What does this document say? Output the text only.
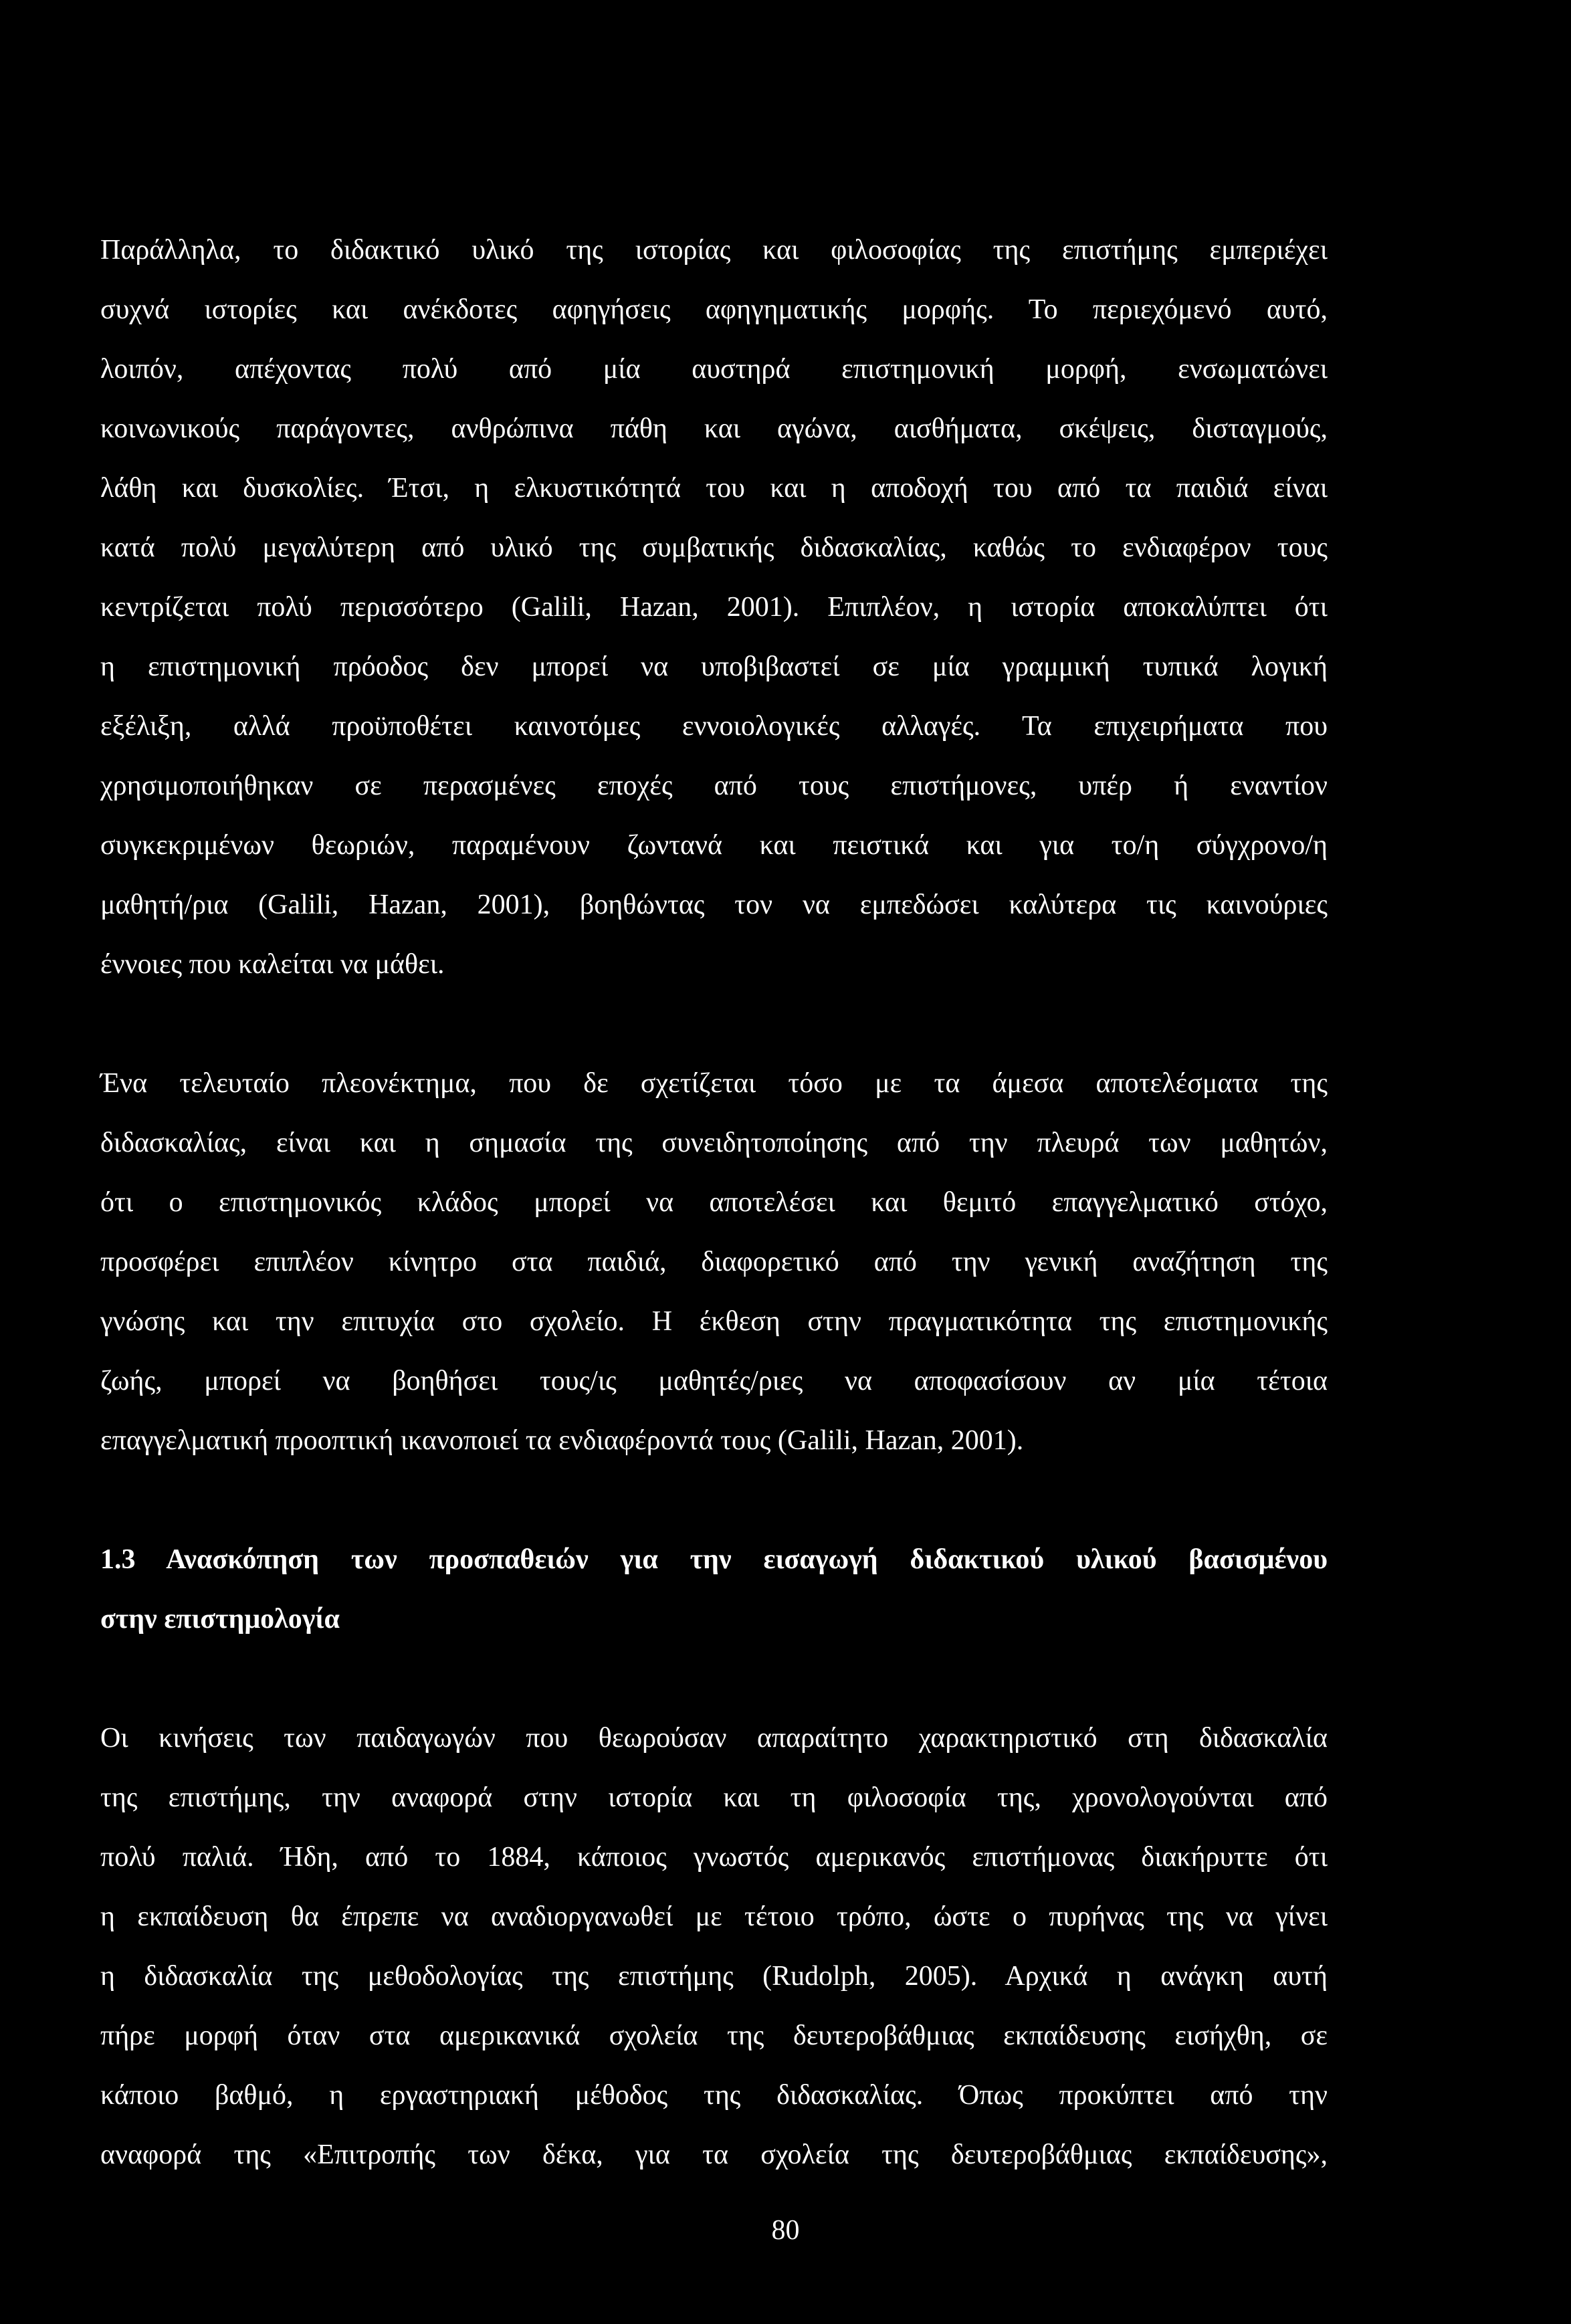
Παράλληλα, το διδακτικό υλικό της ιστορίας και φιλοσοφίας της επιστήμης εμπεριέχει
συχνά ιστορίες και ανέκδοτες αφηγήσεις αφηγηματικής μορφής. Το περιεχόμενό αυτό,
λοιπόν, απέχοντας πολύ από μία αυστηρά επιστημονική μορφή, ενσωματώνει
κοινωνικούς παράγοντες, ανθρώπινα πάθη και αγώνα, αισθήματα, σκέψεις, δισταγμούς,
λάθη και δυσκολίες. Έτσι, η ελκυστικότητά του και η αποδοχή του από τα παιδιά είναι
κατά πολύ μεγαλύτερη από υλικό της συμβατικής διδασκαλίας, καθώς το ενδιαφέρον τους
κεντρίζεται πολύ περισσότερο (Galili, Hazan, 2001). Επιπλέον, η ιστορία αποκαλύπτει ότι
η επιστημονική πρόοδος δεν μπορεί να υποβιβαστεί σε μία γραμμική τυπικά λογική
εξέλιξη, αλλά προϋποθέτει καινοτόμες εννοιολογικές αλλαγές. Τα επιχειρήματα που
χρησιμοποιήθηκαν σε περασμένες εποχές από τους επιστήμονες, υπέρ ή εναντίον
συγκεκριμένων θεωριών, παραμένουν ζωντανά και πειστικά και για το/η σύγχρονο/η
μαθητή/ρια (Galili, Hazan, 2001), βοηθώντας τον να εμπεδώσει καλύτερα τις καινούριες
έννοιες που καλείται να μάθει.
Ένα τελευταίο πλεονέκτημα, που δε σχετίζεται τόσο με τα άμεσα αποτελέσματα της
διδασκαλίας, είναι και η σημασία της συνειδητοποίησης από την πλευρά των μαθητών,
ότι ο επιστημονικός κλάδος μπορεί να αποτελέσει και θεμιτό επαγγελματικό στόχο,
προσφέρει επιπλέον κίνητρο στα παιδιά, διαφορετικό από την γενική αναζήτηση της
γνώσης και την επιτυχία στο σχολείο. Η έκθεση στην πραγματικότητα της επιστημονικής
ζωής, μπορεί να βοηθήσει τους/ις μαθητές/ριες να αποφασίσουν αν μία τέτοια
επαγγελματική προοπτική ικανοποιεί τα ενδιαφέροντά τους (Galili, Hazan, 2001).
1.3 Ανασκόπηση των προσπαθειών για την εισαγωγή διδακτικού υλικού βασισμένου
στην επιστημολογία
Οι κινήσεις των παιδαγωγών που θεωρούσαν απαραίτητο χαρακτηριστικό στη διδασκαλία
της επιστήμης, την αναφορά στην ιστορία και τη φιλοσοφία της, χρονολογούνται από
πολύ παλιά. Ήδη, από το 1884, κάποιος γνωστός αμερικανός επιστήμονας διακήρυττε ότι
η εκπαίδευση θα έπρεπε να αναδιοργανωθεί με τέτοιο τρόπο, ώστε ο πυρήνας της να γίνει
η διδασκαλία της μεθοδολογίας της επιστήμης (Rudolph, 2005). Αρχικά η ανάγκη αυτή
πήρε μορφή όταν στα αμερικανικά σχολεία της δευτεροβάθμιας εκπαίδευσης εισήχθη, σε
κάποιο βαθμό, η εργαστηριακή μέθοδος της διδασκαλίας. Όπως προκύπτει από την
αναφορά της «Επιτροπής των δέκα, για τα σχολεία της δευτεροβάθμιας εκπαίδευσης»,
80
